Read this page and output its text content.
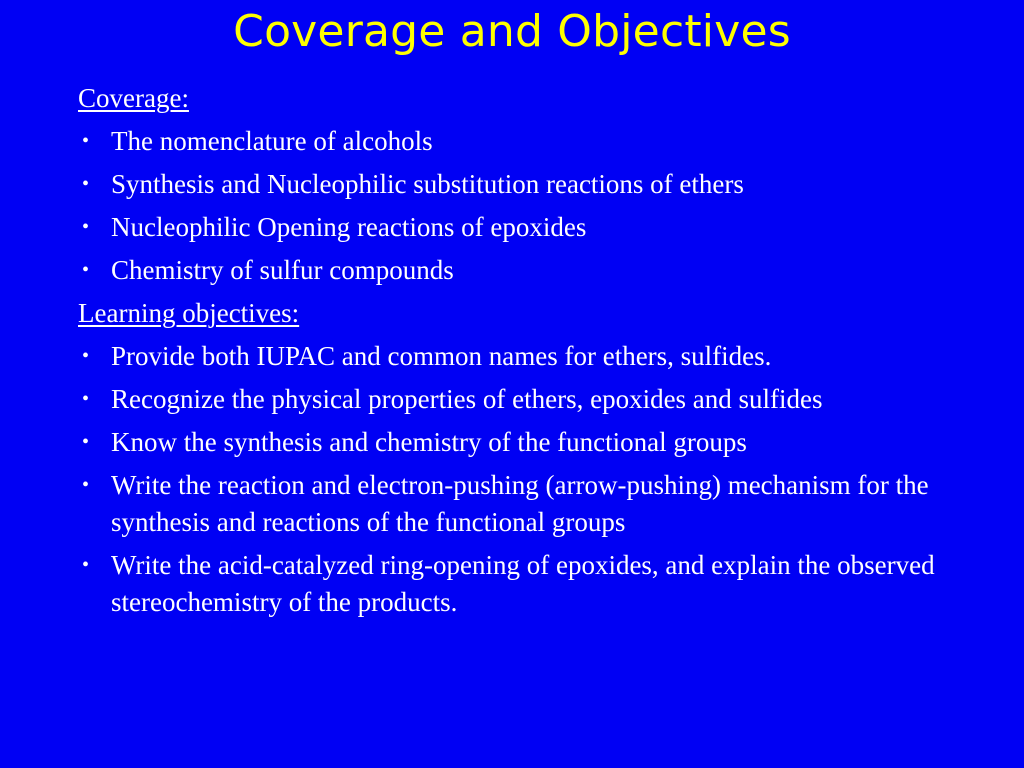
Coverage and Objectives
Coverage:
• The nomenclature of alcohols
• Synthesis and Nucleophilic substitution reactions of ethers
• Nucleophilic Opening reactions of epoxides
• Chemistry of sulfur compounds
Learning objectives:
• Provide both IUPAC and common names for ethers, sulfides.
• Recognize the physical properties of ethers, epoxides and sulfides
• Know the synthesis and chemistry of the functional groups
• Write the reaction and electron-pushing (arrow-pushing) mechanism for the synthesis and reactions of the functional groups
• Write the acid-catalyzed ring-opening of epoxides, and explain the observed stereochemistry of the products.
